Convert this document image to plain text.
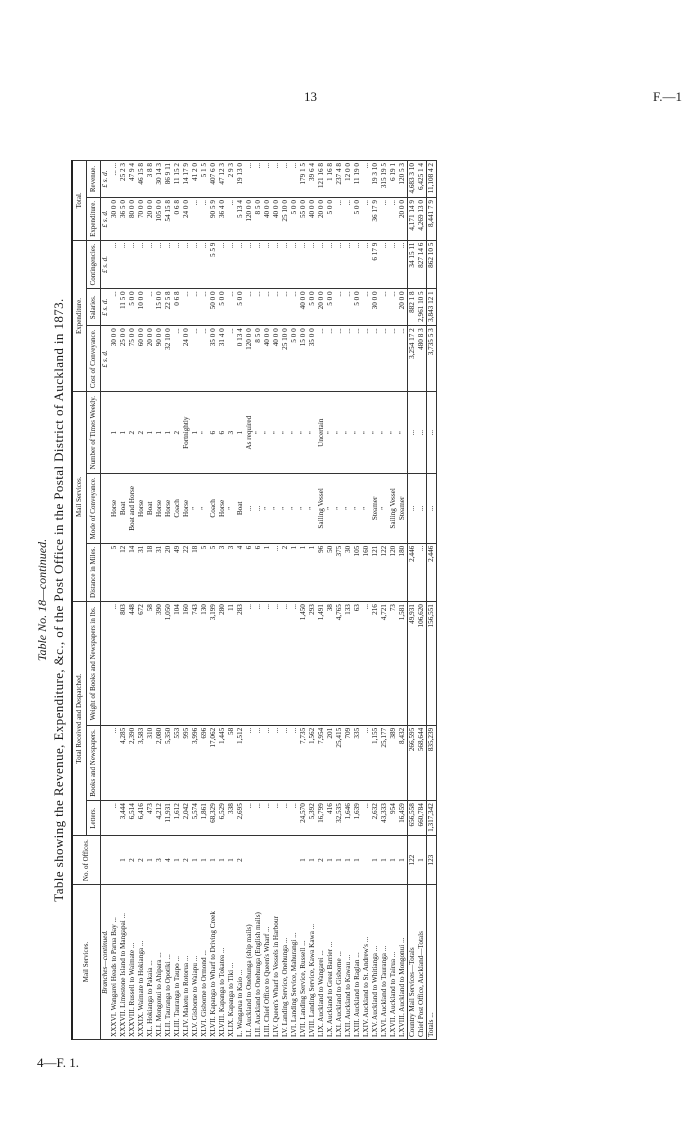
13	F.—1
4—F. 1.
Table No. 18—continued. Table showing the Revenue, Expenditure, &c., of the Post Office in the Postal District of Auckland in 1873.
Mail Services.	No. of Offices.	Total Received and Despatched.			Mail Services.			Expenditure.			Total.	
		Letters.	Books and Newspapers.	Weight of Books and Newspapers in lbs.	Distance in Miles.	Mode of Conveyance.	Number of Times Weekly.	Cost of Conveyance.	Salaries.	Contingencies.	Expenditure.	Revenue.
Branches—continued.								£ s. d.	£ s. d.	£ s. d.	£ s. d.	£ s. d.
XXXVI. Wangarei Heads to Parua Bay ...		...	...	...	5	Horse	1	30 0 0	...	...	30 0 0	... ...
XXXVII. Limestone Island to Mangapai ...	1	3,444	4,285	803	12	Boat	1	25 0 0	11 5 0	...	36 5 0	25 2 3
XXXVIII. Russell to Waimate ...	2	6,514	2,390	448	14	Boat and Horse	2	75 0 0	5 0 0	...	80 0 0	47 9 4
XXXIX. Waimate to Hokianga ...	2	6,416	3,583	672	31	Horse	2	60 0 0	10 0 0	...	70 0 0	46 15 8
XL. Hokianga to Pakaia ...	1	473	310	58	18	Boat	1	20 0 0	...	...	20 0 0	3 8 8
XLI. Mongonui to Ahipara ...	3	4,212	2,080	390	31	Horse	1	90 0 0	15 0 0	...	105 0 0	30 14 3
XLII. Tauranga to Opotiki ...	4	11,931	5,350	1,050	20	Horse	1	32 10 0	22 5 8	...	54 15 8	86 9 11
XLIII. Tauranga to Taupo ...	1	1,612	553	104	49	Coach	2	...	0 6 8	...	0 6 8	11 15 2
XLIV. Maketu to Rotorua ...	2	2,042	995	160	22	Horse	Fortnightly	24 0 0	...	...	24 0 0	14 17 9
XLV. Gisborne to Waiapu ...	1	5,574	3,996	743	18	"	1	...	...	...	...	41 2 0
XLVI. Gisborne to Ormond ...	1	1,861	696	130	5	"	"	...	...	...	...	5 1 5
XLVII. Kapanga to Wharf to Driving Creek	1	68,329	17,062	3,199	5	Coach	6	35 0 0	50 0 0	5 5 9	90 5 9	407 6 0
XLVIII. Kapanga to Tokatea ...	1	6,529	1,445	280	3	Horse	6	31 4 0	5 0 0	...	36 4 0	47 12 3
XLIX. Kapanga to Tiki ...	1	338	58	11	3	"	3	...	...	...	...	2 9 3
L. Wangarua to Kaio ...	2	2,695	1,512	283	4	Boat	1	0 13 4	5 0 0	...	5 13 4	19 13 0
LI. Auckland to Onehunga (ship mails)		...	...	...	6	...	As required	120 0 0	...	...	120 0 0	...
LII. Auckland to Onehunga (English mails)		...	...	...	6	...	"	8 5 0	...	...	8 5 0	...
LIII. Chief Office to Queen's Wharf ...		...	...	...	1	"	"	40 0 0	...	...	40 0 0	...
LIV. Queen's Wharf to Vessels in Harbour		...	...	...	...	"	"	40 0 0	...	...	40 0 0	...
LV. Landing Service, Onehunga ...		...	...	...	2	"	"	25 10 0	...	...	25 10 0	...
LVI. Landing Service, Mahurangi ...		...	...	...	1	"	"	5 0 0	...	...	5 0 0	...
LVII. Landing Service, Russell ...	1	24,570	7,735	1,450	1	"	"	15 0 0	40 0 0	...	55 0 0	179 1 5
LVIII. Landing Service, Kawa Kawa ...	1	5,392	1,562	293	1	"	"	35 0 0	5 0 0	...	40 0 0	39 6 4
LIX. Auckland to Wangarei ...	2	16,799	7,954	1,491	96	Sailing Vessel	Uncertain	...	20 0 0	...	20 0 0	121 16 8
LX. Auckland to Great Barrier ...	1	416	201	38	50	"	"	...	5 0 0	...	5 0 0	1 16 8
LXI. Auckland to Gisborne ...	1	32,535	25,415	4,765	375	"	"	...	...	...	...	237 4 8
LXII. Auckland to Kawau ...	1	1,646	709	133	30	"	"	...	...	...	...	12 0 0
LXIII. Auckland to Raglan ...	1	1,639	335	63	105	"	"	...	5 0 0	...	5 0 0	11 19 0
LXIV. Auckland to St. Andrew's ...		...	...	...	160	"	"	...	...	...	...	...
LXV. Auckland to Whitianga ...	1	2,632	1,155	216	121	Steamer	"	...	30 0 0	6 17 9	36 17 9	19 3 10
LXVI. Auckland to Tauranga ...	1	43,333	25,177	4,721	122	"	"	...	...	...	...	315 19 5
LXVII. Auckland to Tairua ...	1	954	389	73	120	Sailing Vessel	"	...	...	...	...	6 19 1
LXVIII. Auckland to Mongonui ...	1	16,459	8,432	1,581	180	Steamer	"	...	20 0 0	...	20 0 0	120 5 3
Country Mail Services—Totals	122	656,558	266,595	49,931	2,446	...	...	3,254 17 2	882 1 8	34 15 11	4,171 14 9	4,683 3 10
Chief Post Office, Auckland—Totals	1	660,784	568,644	106,620	...	...	...	480 8 3	2,961 10 5	827 14 6	4,269 13 0	6,425 1 4
Totals ...	123	1,317,342	835,239	156,551	2,446	...	...	3,735 5 3	3,843 12 1	862 10 5	8,441 7 9	11,108 4 2
